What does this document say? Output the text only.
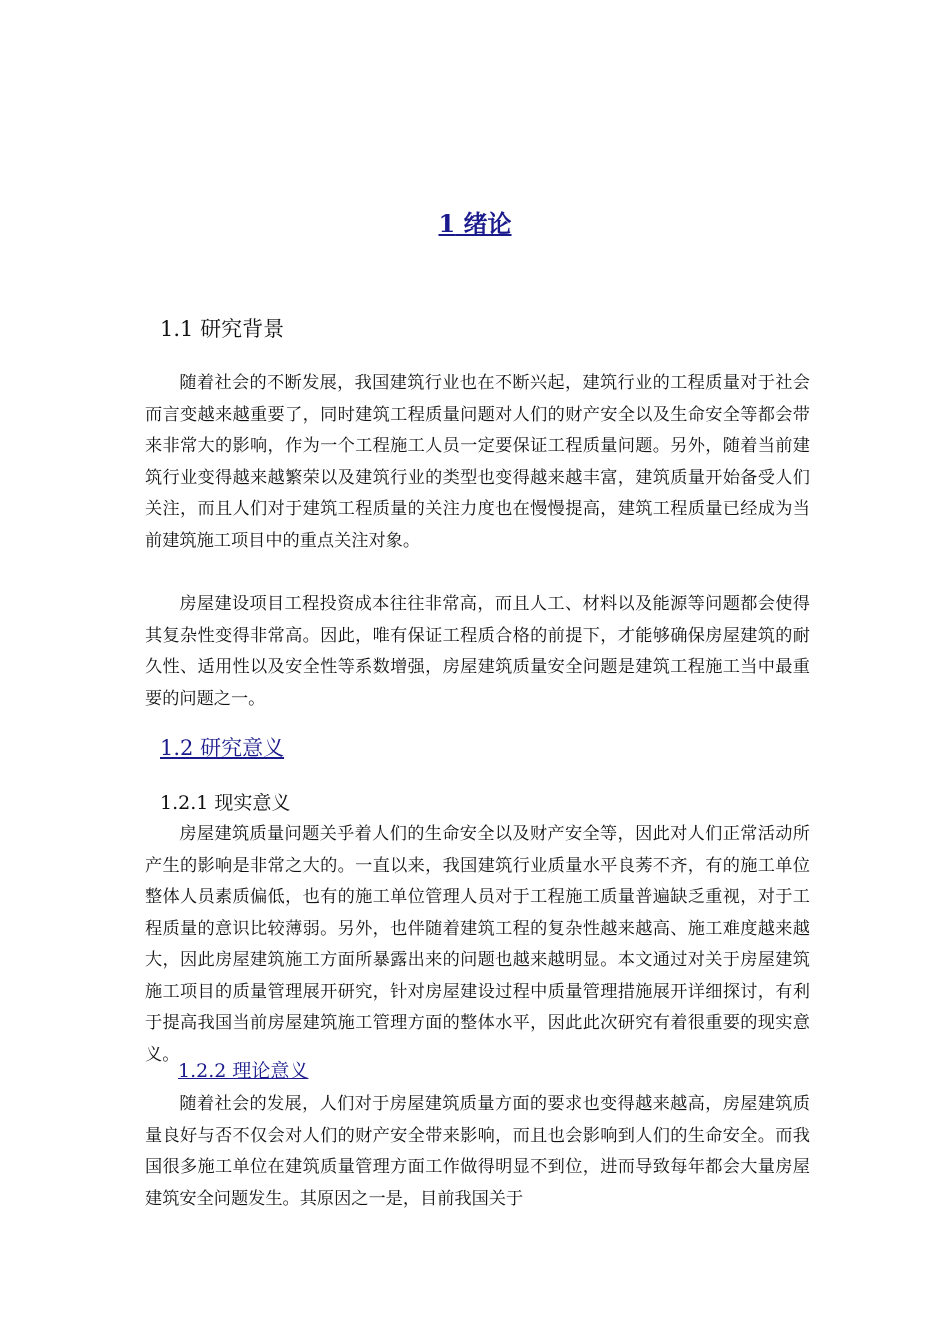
1 绪论
1.1 研究背景

随着社会的不断发展，我国建筑行业也在不断兴起，建筑行业的工程质量对于社会而言变越来越重要了，同时建筑工程质量问题对人们的财产安全以及生命安全等都会带来非常大的影响，作为一个工程施工人员一定要保证工程质量问题。另外，随着当前建筑行业变得越来越繁荣以及建筑行业的类型也变得越来越丰富，建筑质量开始备受人们关注，而且人们对于建筑工程质量的关注力度也在慢慢提高，建筑工程质量已经成为当前建筑施工项目中的重点关注对象。

房屋建设项目工程投资成本往往非常高，而且人工、材料以及能源等问题都会使得其复杂性变得非常高。因此，唯有保证工程质合格的前提下，才能够确保房屋建筑的耐久性、适用性以及安全性等系数增强，房屋建筑质量安全问题是建筑工程施工当中最重要的问题之一。

1.2 研究意义
1.2.1 现实意义

房屋建筑质量问题关乎着人们的生命安全以及财产安全等，因此对人们正常活动所产生的影响是非常之大的。一直以来，我国建筑行业质量水平良莠不齐，有的施工单位整体人员素质偏低，也有的施工单位管理人员对于工程施工质量普遍缺乏重视，对于工程质量的意识比较薄弱。另外，也伴随着建筑工程的复杂性越来越高、施工难度越来越大，因此房屋建筑施工方面所暴露出来的问题也越来越明显。本文通过对关于房屋建筑施工项目的质量管理展开研究，针对房屋建设过程中质量管理措施展开详细探讨，有利于提高我国当前房屋建筑施工管理方面的整体水平，因此此次研究有着很重要的现实意义。

1.2.2 理论意义

随着社会的发展，人们对于房屋建筑质量方面的要求也变得越来越高，房屋建筑质量良好与否不仅会对人们的财产安全带来影响，而且也会影响到人们的生命安全。而我国很多施工单位在建筑质量管理方面工作做得明显不到位，进而导致每年都会大量房屋建筑安全问题发生。其原因之一是，目前我国关于
